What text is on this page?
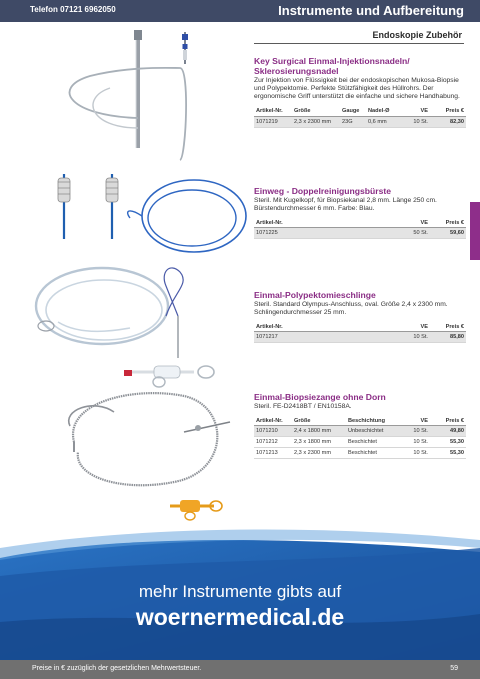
Telefon 07121 6962050	Instrumente und Aufbereitung
Endoskopie Zubehör
Key Surgical Einmal-Injektionsnadeln/ Sklerosierungsnadel
Zur Injektion von Flüssigkeit bei der endoskopischen Mukosa-Biopsie und Polypektomie. Perfekte Stützfähigkeit des Hüllrohrs. Der ergonomische Griff unterstützt die einfache und sichere Handhabung.
Artikel-Nr.	Größe	Gauge	Nadel-Ø	VE	Preis €
1071219	2,3 x 2300 mm	23G	0,6 mm	10 St.	82,30
Einweg - Doppelreinigungsbürste
Steril. Mit Kugelkopf, für Biopsiekanal 2,8 mm. Länge 250 cm. Bürstendurchmesser 6 mm. Farbe: Blau.
Artikel-Nr.	VE	Preis €
1071225	50 St.	59,60
Einmal-Polypektomieschlinge
Steril. Standard Olympus-Anschluss, oval. Größe 2,4 x 2300 mm. Schlingendurchmesser 25 mm.
Artikel-Nr.	VE	Preis €
1071217	10 St.	85,80
Einmal-Biopsiezange ohne Dorn
Steril. FE-D2418BT / EN10158A.
Artikel-Nr.	Größe	Beschichtung	VE	Preis €
1071210	2,4 x 1800 mm	Unbeschichtet	10 St.	49,80
1071212	2,3 x 1800 mm	Beschichtet	10 St.	55,30
1071213	2,3 x 2300 mm	Beschichtet	10 St.	55,30
mehr Instrumente gibts auf
woernermedical.de
Preise in € zuzüglich der gesetzlichen Mehrwertsteuer.	59
